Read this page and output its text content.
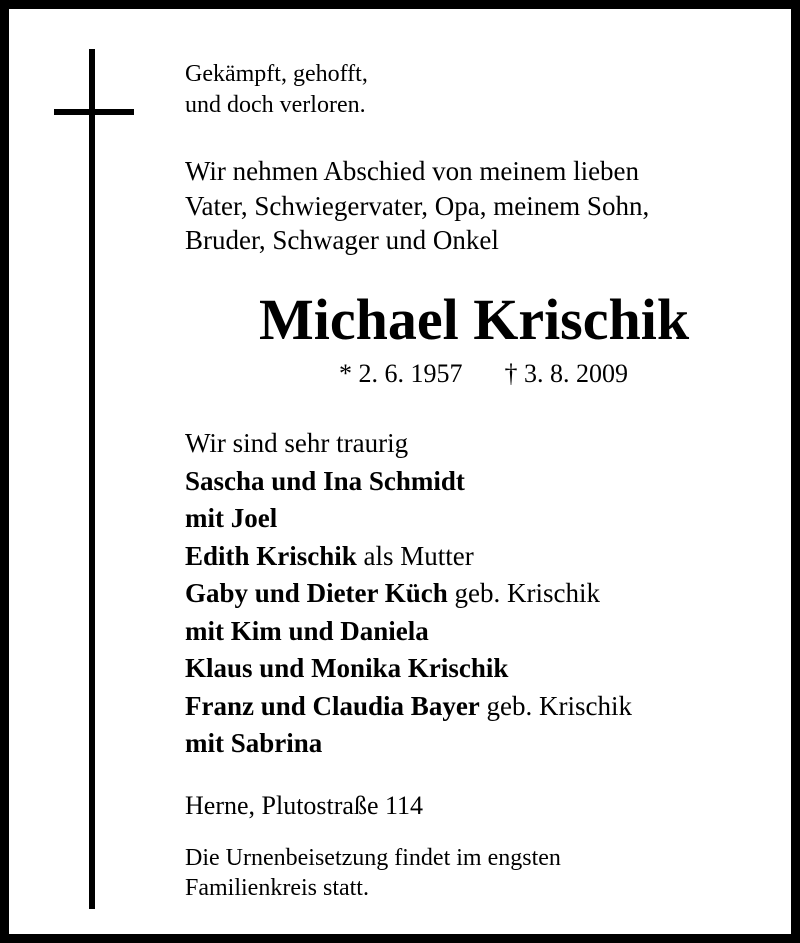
Gekämpft, gehofft,
und doch verloren.
Wir nehmen Abschied von meinem lieben
Vater, Schwiegervater, Opa, meinem Sohn,
Bruder, Schwager und Onkel
Michael Krischik
* 2. 6. 1957 † 3. 8. 2009
Wir sind sehr traurig
Sascha und Ina Schmidt
mit Joel
Edith Krischik als Mutter
Gaby und Dieter Küch geb. Krischik
mit Kim und Daniela
Klaus und Monika Krischik
Franz und Claudia Bayer geb. Krischik
mit Sabrina
Herne, Plutostraße 114
Die Urnenbeisetzung findet im engsten
Familienkreis statt.
